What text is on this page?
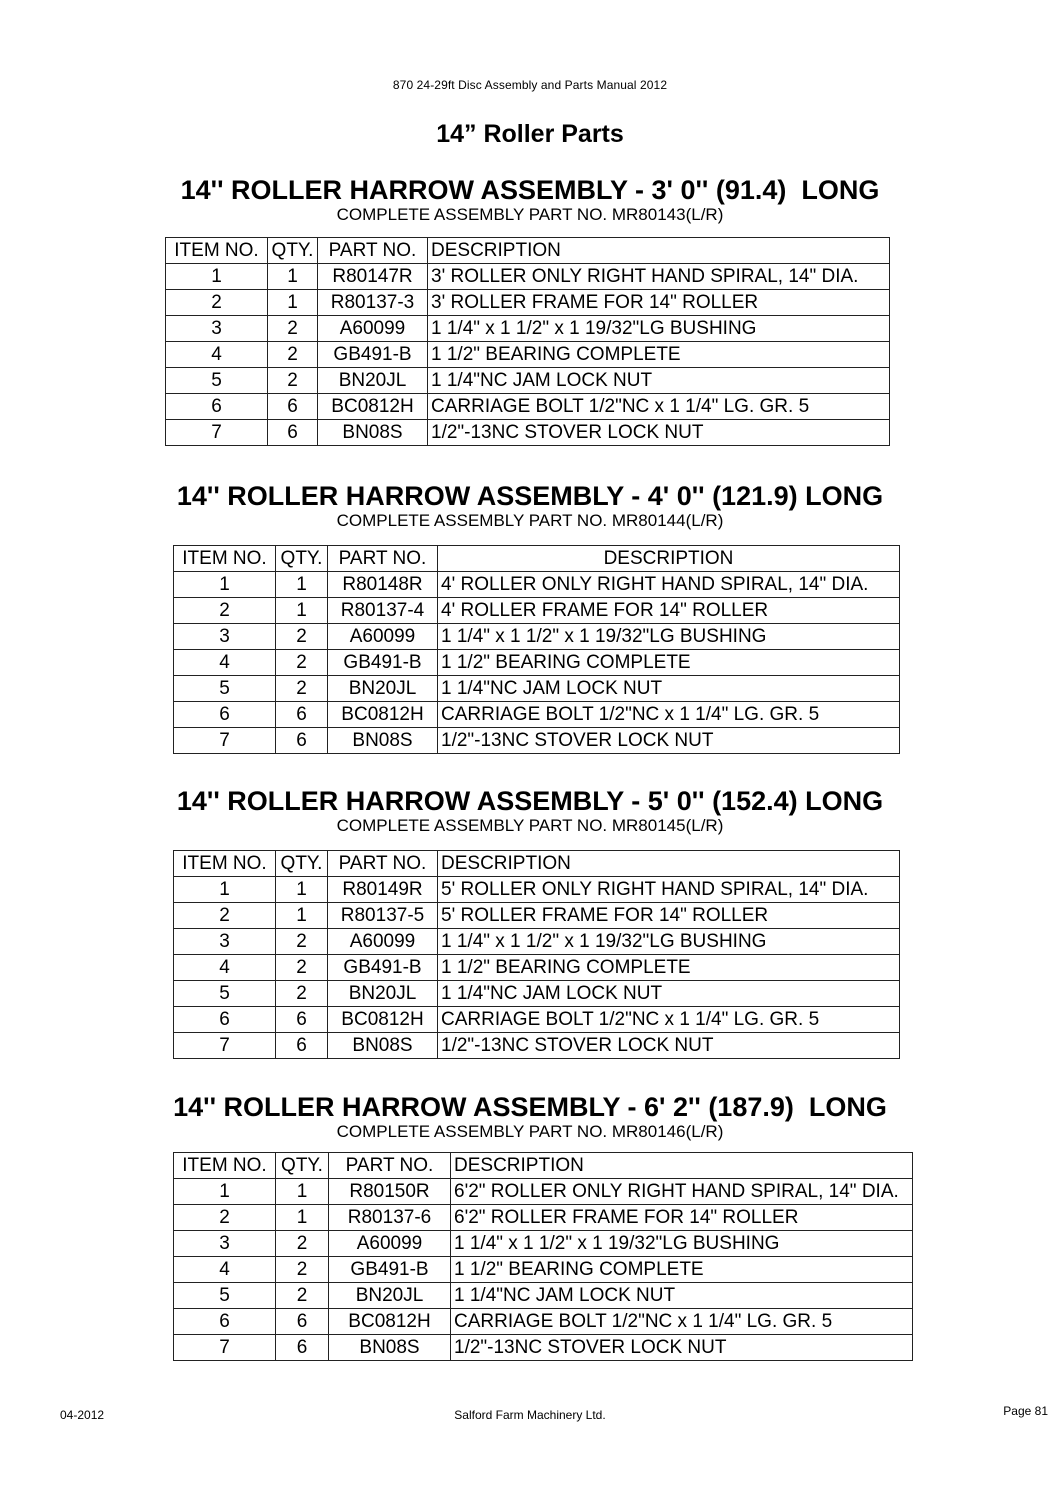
870 24-29ft Disc Assembly and Parts Manual 2012
14” Roller Parts
14'' ROLLER HARROW ASSEMBLY - 3' 0'' (91.4)  LONG
COMPLETE ASSEMBLY PART NO. MR80143(L/R)
ITEM NO.	QTY.	PART NO.	DESCRIPTION
1	1	R80147R	3' ROLLER ONLY RIGHT HAND SPIRAL, 14" DIA.
2	1	R80137-3	3' ROLLER FRAME FOR 14" ROLLER
3	2	A60099	1 1/4" x 1 1/2" x 1 19/32"LG BUSHING
4	2	GB491-B	1 1/2" BEARING COMPLETE
5	2	BN20JL	1 1/4"NC JAM LOCK NUT
6	6	BC0812H	CARRIAGE BOLT 1/2"NC x 1 1/4" LG. GR. 5
7	6	BN08S	1/2"-13NC STOVER LOCK NUT
14'' ROLLER HARROW ASSEMBLY - 4' 0'' (121.9) LONG
COMPLETE ASSEMBLY PART NO. MR80144(L/R)
ITEM NO.	QTY.	PART NO.	DESCRIPTION
1	1	R80148R	4' ROLLER ONLY RIGHT HAND SPIRAL, 14" DIA.
2	1	R80137-4	4' ROLLER FRAME FOR 14" ROLLER
3	2	A60099	1 1/4" x 1 1/2" x 1 19/32"LG BUSHING
4	2	GB491-B	1 1/2" BEARING COMPLETE
5	2	BN20JL	1 1/4"NC JAM LOCK NUT
6	6	BC0812H	CARRIAGE BOLT 1/2"NC x 1 1/4" LG. GR. 5
7	6	BN08S	1/2"-13NC STOVER LOCK NUT
14'' ROLLER HARROW ASSEMBLY - 5' 0'' (152.4) LONG
COMPLETE ASSEMBLY PART NO. MR80145(L/R)
ITEM NO.	QTY.	PART NO.	DESCRIPTION
1	1	R80149R	5' ROLLER ONLY RIGHT HAND SPIRAL, 14" DIA.
2	1	R80137-5	5' ROLLER FRAME FOR 14" ROLLER
3	2	A60099	1 1/4" x 1 1/2" x 1 19/32"LG BUSHING
4	2	GB491-B	1 1/2" BEARING COMPLETE
5	2	BN20JL	1 1/4"NC JAM LOCK NUT
6	6	BC0812H	CARRIAGE BOLT 1/2"NC x 1 1/4" LG. GR. 5
7	6	BN08S	1/2"-13NC STOVER LOCK NUT
14'' ROLLER HARROW ASSEMBLY - 6' 2'' (187.9)  LONG
COMPLETE ASSEMBLY PART NO. MR80146(L/R)
ITEM NO.	QTY.	PART NO.	DESCRIPTION
1	1	R80150R	6'2" ROLLER ONLY RIGHT HAND SPIRAL, 14" DIA.
2	1	R80137-6	6'2" ROLLER FRAME FOR 14" ROLLER
3	2	A60099	1 1/4" x 1 1/2" x 1 19/32"LG BUSHING
4	2	GB491-B	1 1/2" BEARING COMPLETE
5	2	BN20JL	1 1/4"NC JAM LOCK NUT
6	6	BC0812H	CARRIAGE BOLT 1/2"NC x 1 1/4" LG. GR. 5
7	6	BN08S	1/2"-13NC STOVER LOCK NUT
04-2012	Salford Farm Machinery Ltd.	Page 81
